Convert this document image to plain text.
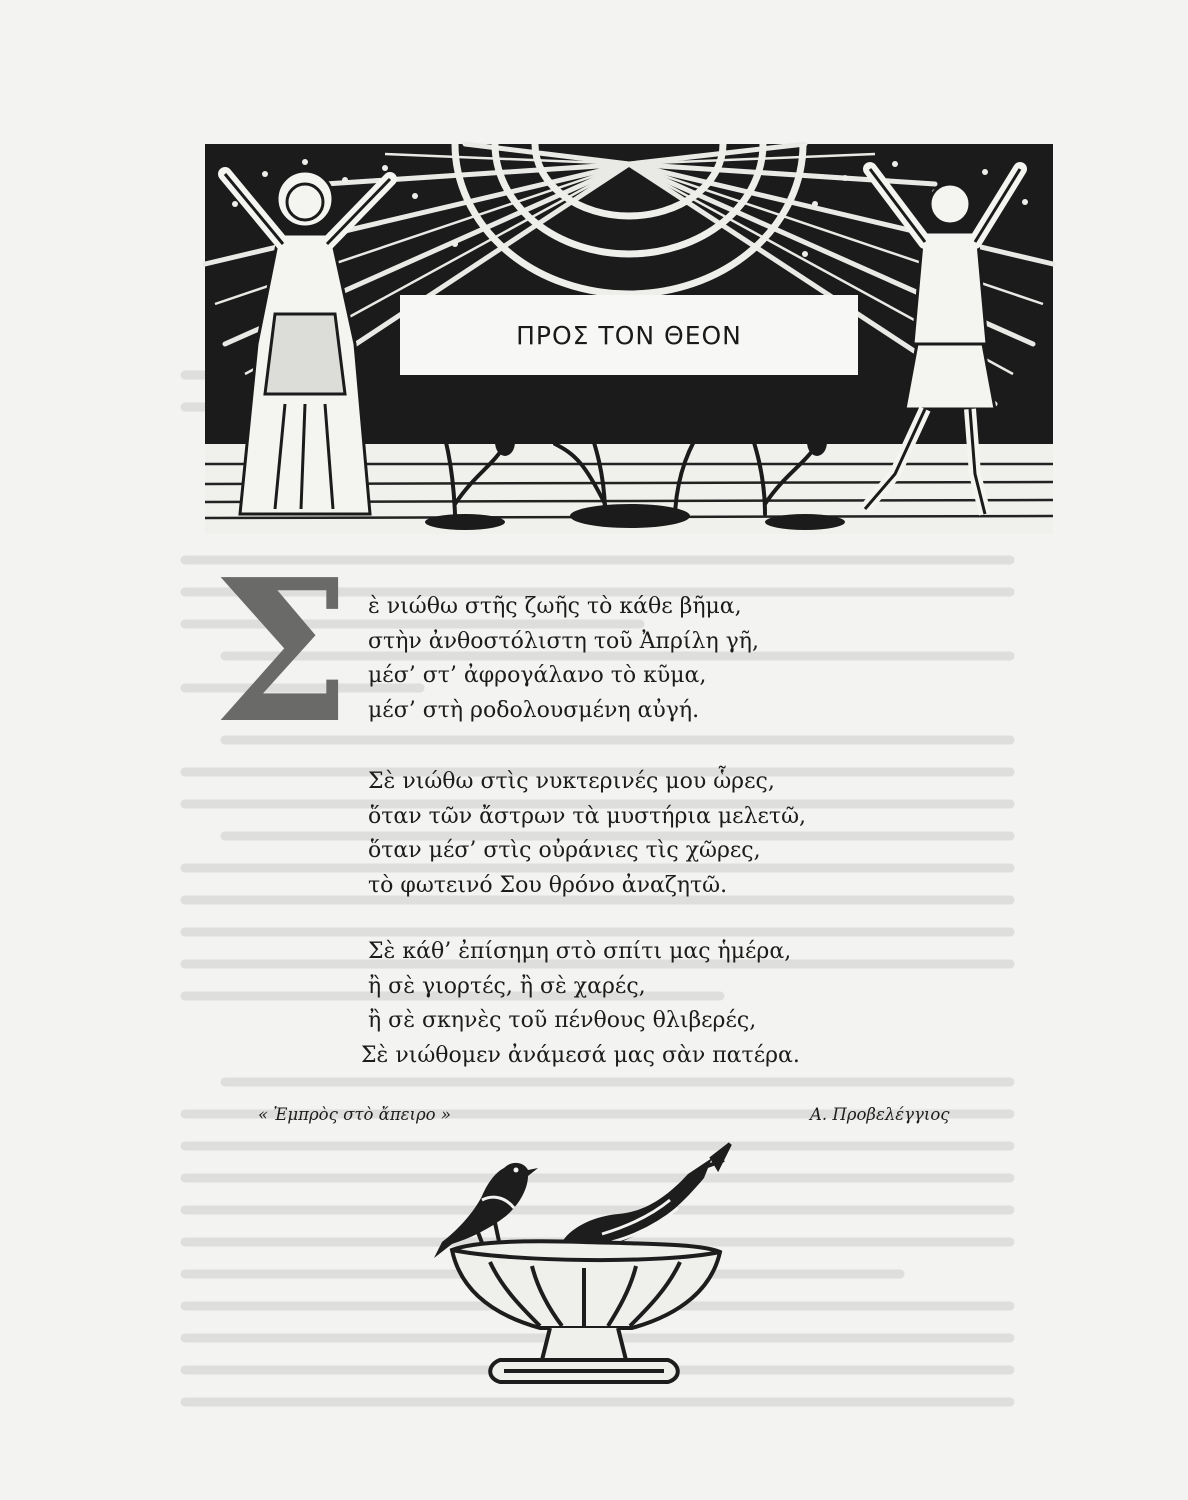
ΠΡΟΣ ΤΟΝ ΘΕΟΝ
Σ ὲ νιώθω στῆς ζωῆς τὸ κάθε βῆμα,
στὴν ἀνθοστόλιστη τοῦ Ἀπρίλη γῆ,
μέσ’ στ’ ἀφρογάλανο τὸ κῦμα,
μέσ’ στὴ ροδολουσμένη αὐγή.
Σὲ νιώθω στὶς νυκτερινές μου ὧρες,
ὅταν τῶν ἄστρων τὰ μυστήρια μελετῶ,
ὅταν μέσ’ στὶς οὐράνιες τὶς χῶρες,
τὸ φωτεινό Σου θρόνο ἀναζητῶ.
Σὲ κάθ’ ἐπίσημη στὸ σπίτι μας ἡμέρα,
ἢ σὲ γιορτές, ἢ σὲ χαρές,
ἢ σὲ σκηνὲς τοῦ πένθους θλιβερές,
Σὲ νιώθομεν ἀνάμεσά μας σὰν πατέρα.
« Ἐμπρὸς στὸ ἄπειρο »	Α. Προβελέγγιος
